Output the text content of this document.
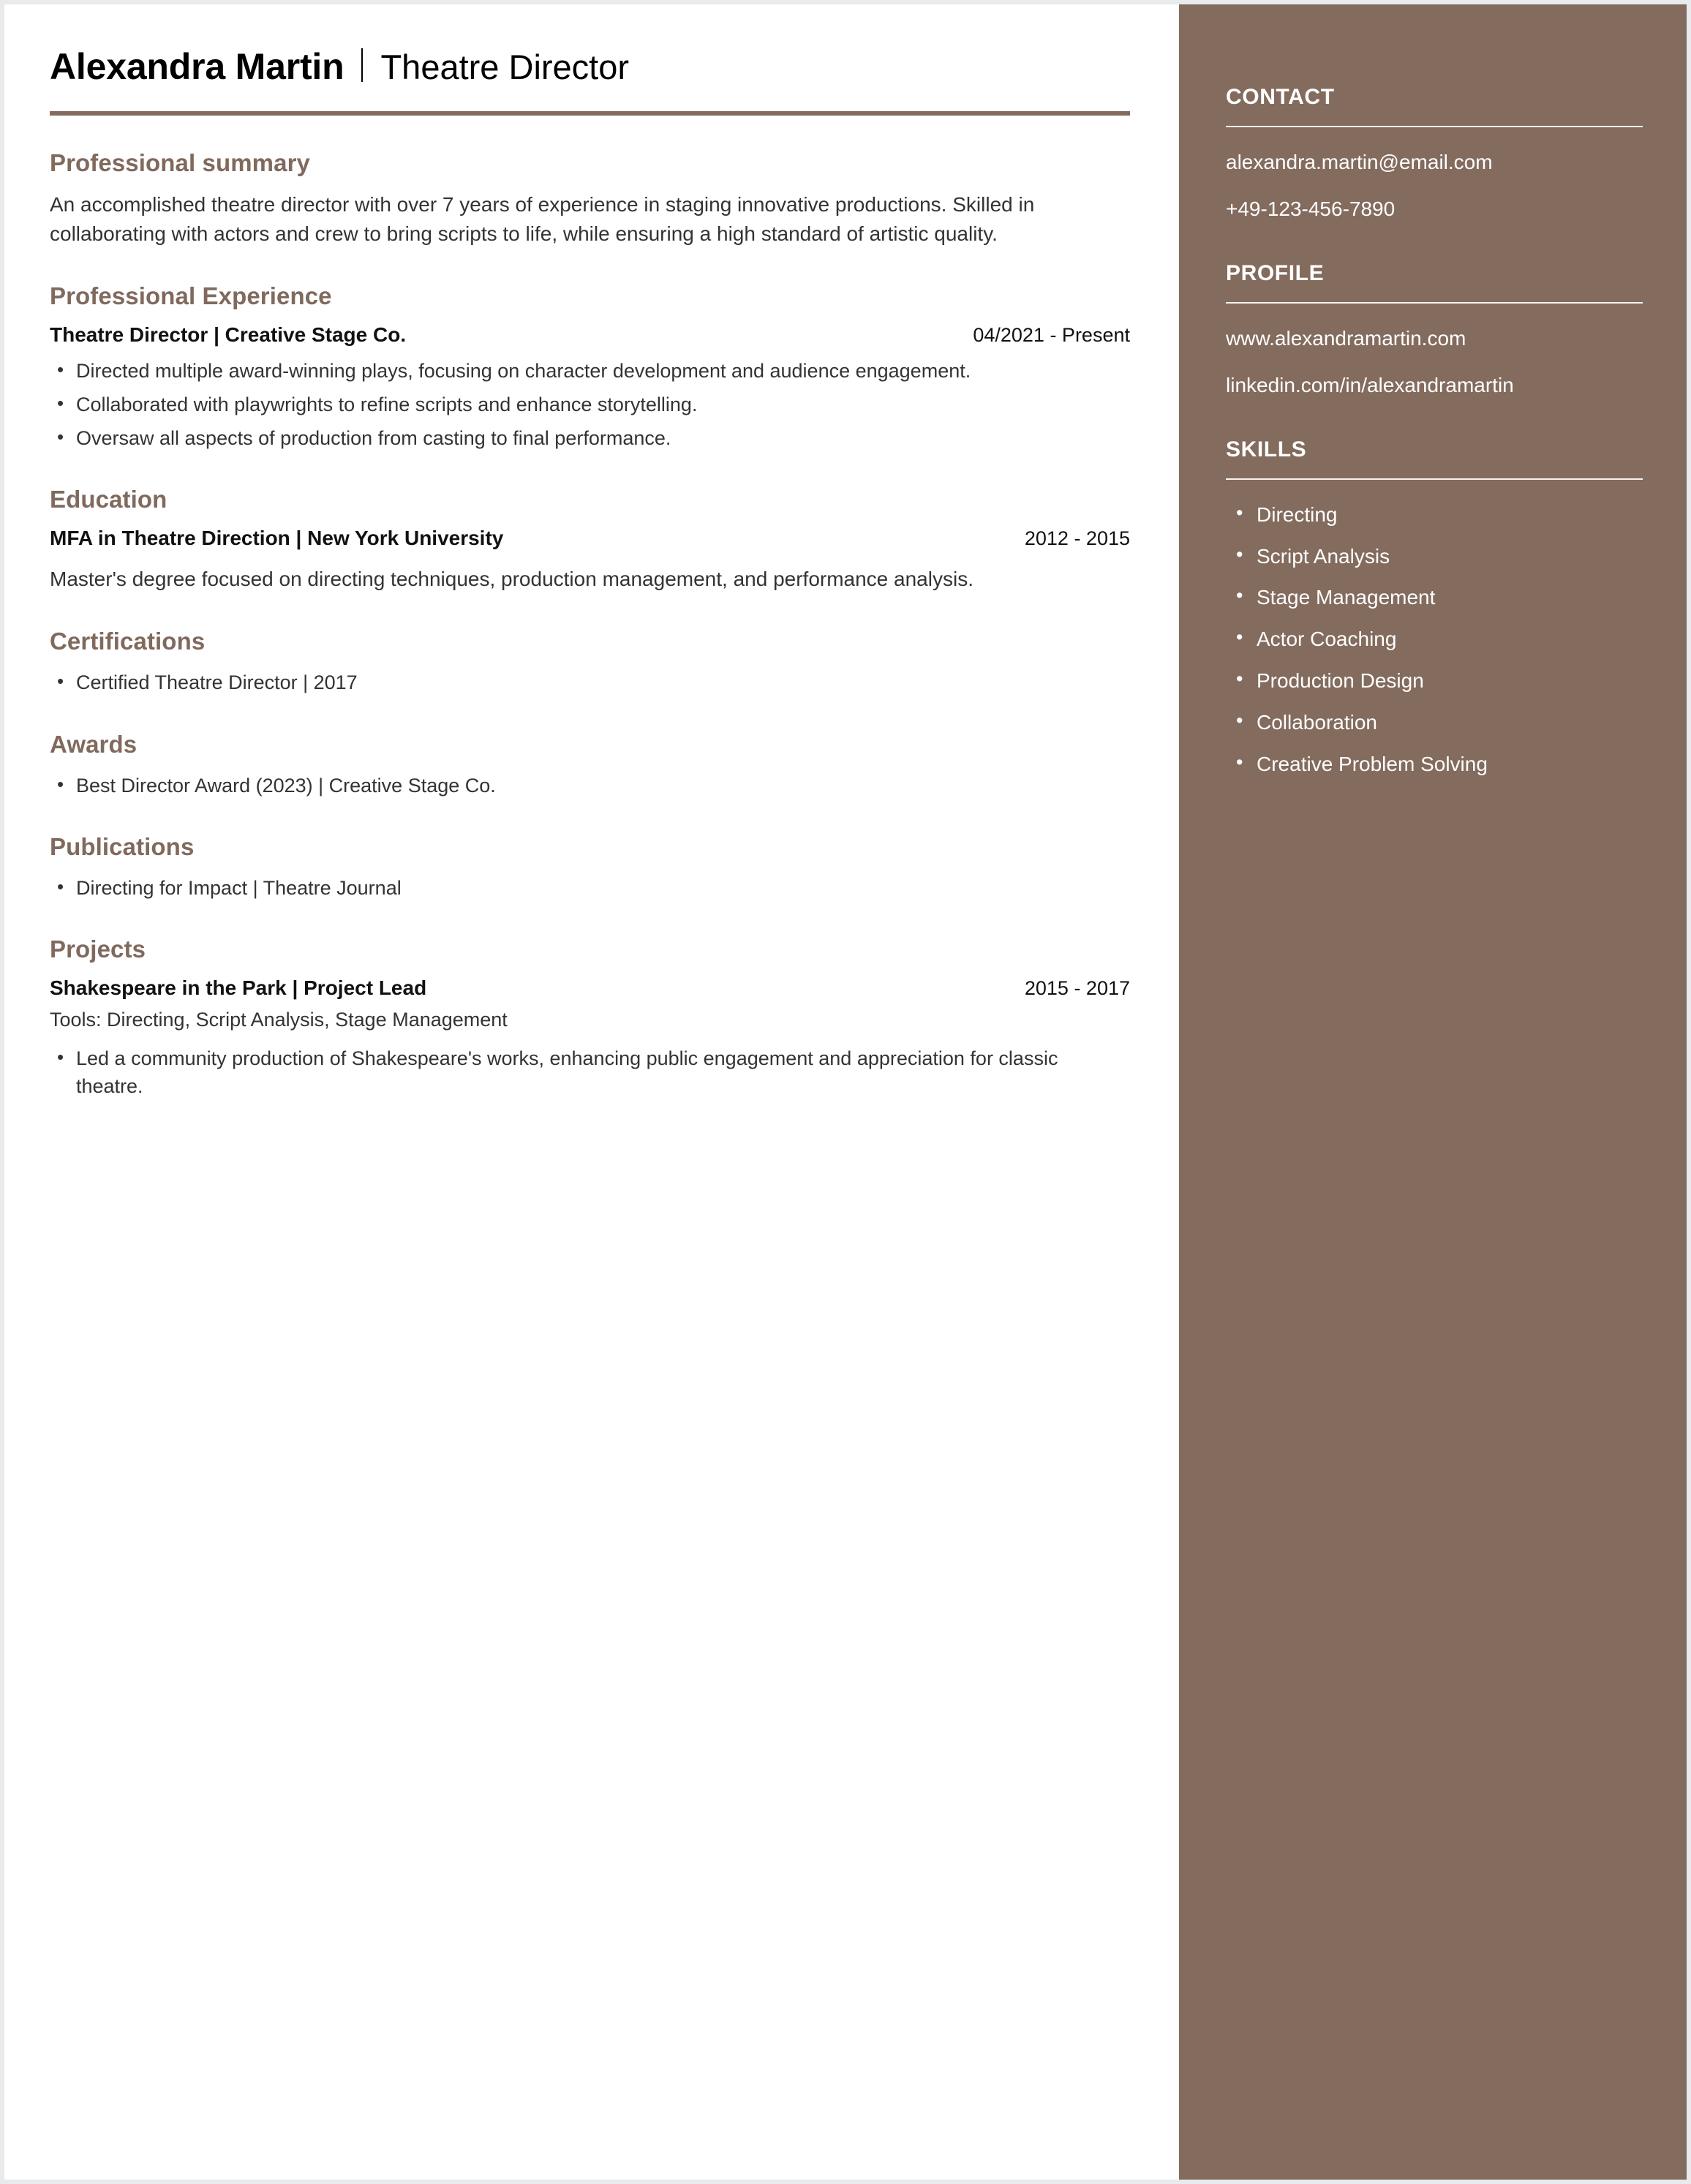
Alexandra Martin Theatre Director
Professional summary

An accomplished theatre director with over 7 years of experience in staging innovative productions. Skilled in collaborating with actors and crew to bring scripts to life, while ensuring a high standard of artistic quality.

Professional Experience
Theatre Director | Creative Stage Co.	04/2021 - Present
• Directed multiple award-winning plays, focusing on character development and audience engagement.
• Collaborated with playwrights to refine scripts and enhance storytelling.
• Oversaw all aspects of production from casting to final performance.
Education
MFA in Theatre Direction | New York University	2012 - 2015

Master's degree focused on directing techniques, production management, and performance analysis.

Certifications
• Certified Theatre Director | 2017
Awards
• Best Director Award (2023) | Creative Stage Co.
Publications
• Directing for Impact | Theatre Journal
Projects
Shakespeare in the Park | Project Lead	2015 - 2017

Tools: Directing, Script Analysis, Stage Management

• Led a community production of Shakespeare's works, enhancing public engagement and appreciation for classic theatre.
CONTACT

alexandra.martin@email.com

+49-123-456-7890

PROFILE

www.alexandramartin.com

linkedin.com/in/alexandramartin

SKILLS
• Directing
• Script Analysis
• Stage Management
• Actor Coaching
• Production Design
• Collaboration
• Creative Problem Solving
